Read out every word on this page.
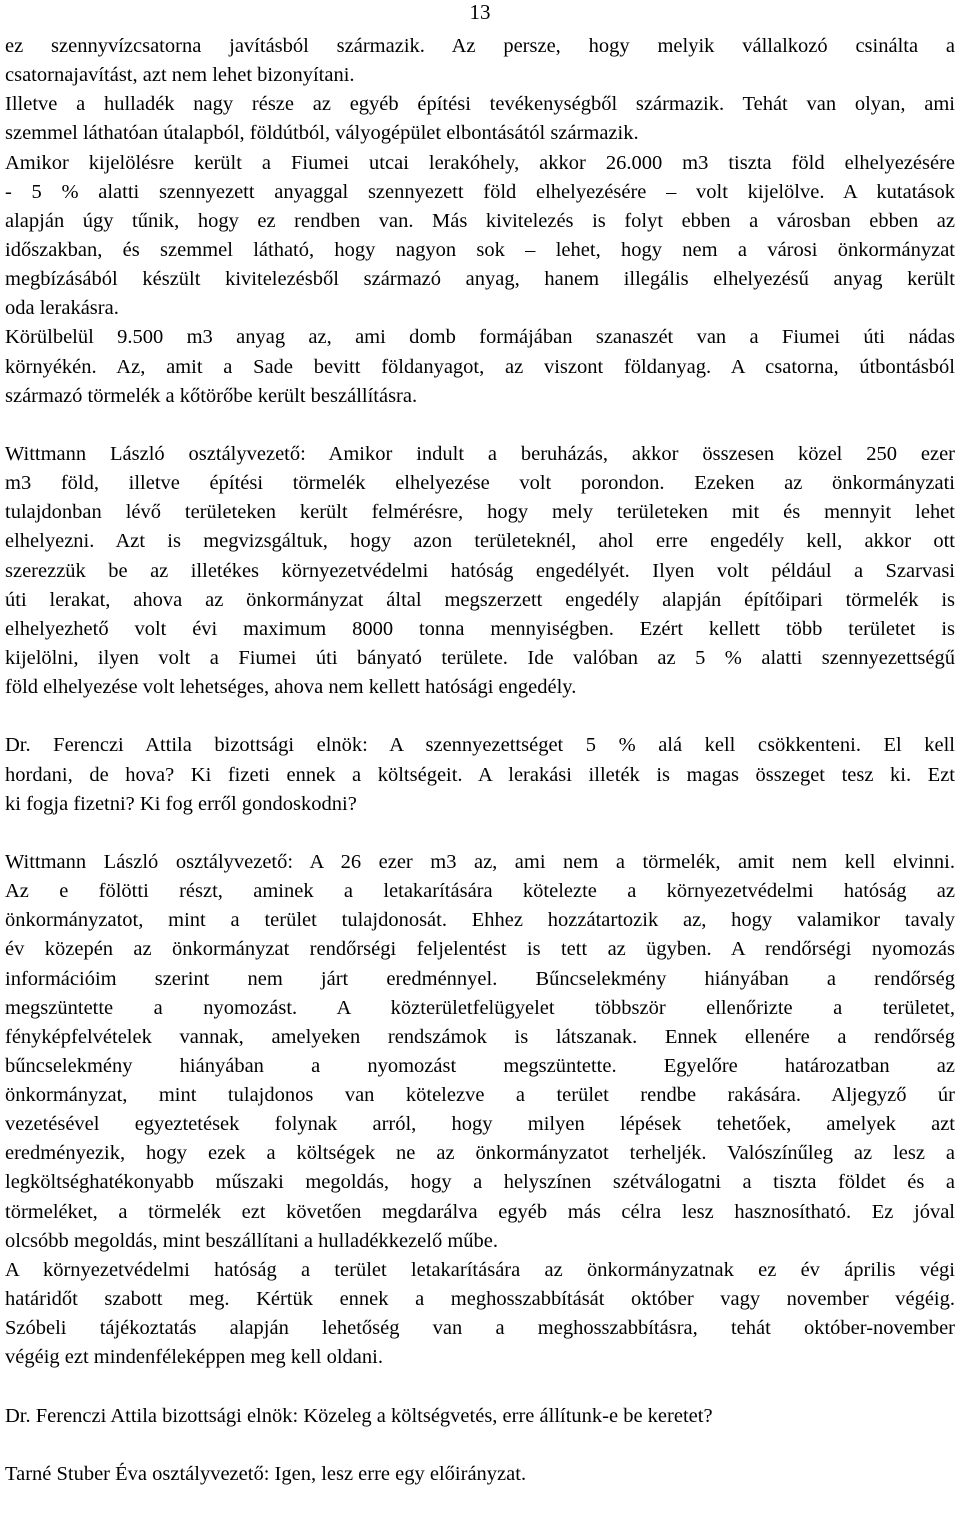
13
ez szennyvízcsatorna javításból származik. Az persze, hogy melyik vállalkozó csinálta a
csatornajavítást, azt nem lehet bizonyítani.
Illetve a hulladék nagy része az egyéb építési tevékenységből származik. Tehát van olyan, ami
szemmel láthatóan útalapból, földútból, vályogépület elbontásától származik.
Amikor kijelölésre került a Fiumei utcai lerakóhely, akkor 26.000 m3 tiszta föld elhelyezésére
- 5 % alatti szennyezett anyaggal szennyezett föld elhelyezésére – volt kijelölve. A kutatások
alapján úgy tűnik, hogy ez rendben van. Más kivitelezés is folyt ebben a városban ebben az
időszakban, és szemmel látható, hogy nagyon sok – lehet, hogy nem a városi önkormányzat
megbízásából készült kivitelezésből származó anyag, hanem illegális elhelyezésű anyag került
oda lerakásra.
Körülbelül 9.500 m3 anyag az, ami domb formájában szanaszét van a Fiumei úti nádas
környékén. Az, amit a Sade bevitt földanyagot, az viszont földanyag. A csatorna, útbontásból
származó törmelék a kőtörőbe került beszállításra.
Wittmann László osztályvezető: Amikor indult a beruházás, akkor összesen közel 250 ezer
m3 föld, illetve építési törmelék elhelyezése volt porondon. Ezeken az önkormányzati
tulajdonban lévő területeken került felmérésre, hogy mely területeken mit és mennyit lehet
elhelyezni. Azt is megvizsgáltuk, hogy azon területeknél, ahol erre engedély kell, akkor ott
szerezzük be az illetékes környezetvédelmi hatóság engedélyét. Ilyen volt például a Szarvasi
úti lerakat, ahova az önkormányzat által megszerzett engedély alapján építőipari törmelék is
elhelyezhető volt évi maximum 8000 tonna mennyiségben. Ezért kellett több területet is
kijelölni, ilyen volt a Fiumei úti bányató területe. Ide valóban az 5 % alatti szennyezettségű
föld elhelyezése volt lehetséges, ahova nem kellett hatósági engedély.
Dr. Ferenczi Attila bizottsági elnök: A szennyezettséget 5 % alá kell csökkenteni. El kell
hordani, de hova? Ki fizeti ennek a költségeit. A lerakási illeték is magas összeget tesz ki. Ezt
ki fogja fizetni? Ki fog erről gondoskodni?
Wittmann László osztályvezető: A 26 ezer m3 az, ami nem a törmelék, amit nem kell elvinni.
Az e fölötti részt, aminek a letakarítására kötelezte a környezetvédelmi hatóság az
önkormányzatot, mint a terület tulajdonosát. Ehhez hozzátartozik az, hogy valamikor tavaly
év közepén az önkormányzat rendőrségi feljelentést is tett az ügyben. A rendőrségi nyomozás
információim szerint nem járt eredménnyel. Bűncselekmény hiányában a rendőrség
megszüntette a nyomozást. A közterületfelügyelet többször ellenőrizte a területet,
fényképfelvételek vannak, amelyeken rendszámok is látszanak. Ennek ellenére a rendőrség
bűncselekmény hiányában a nyomozást megszüntette. Egyelőre határozatban az
önkormányzat, mint tulajdonos van kötelezve a terület rendbe rakására. Aljegyző úr
vezetésével egyeztetések folynak arról, hogy milyen lépések tehetőek, amelyek azt
eredményezik, hogy ezek a költségek ne az önkormányzatot terheljék. Valószínűleg az lesz a
legköltséghatékonyabb műszaki megoldás, hogy a helyszínen szétválogatni a tiszta földet és a
törmeléket, a törmelék ezt követően megdarálva egyéb más célra lesz hasznosítható. Ez jóval
olcsóbb megoldás, mint beszállítani a hulladékkezelő műbe.
A környezetvédelmi hatóság a terület letakarítására az önkormányzatnak ez év április végi
határidőt szabott meg. Kértük ennek a meghosszabbítását október vagy november végéig.
Szóbeli tájékoztatás alapján lehetőség van a meghosszabbításra, tehát október-november
végéig ezt mindenféleképpen meg kell oldani.
Dr. Ferenczi Attila bizottsági elnök: Közeleg a költségvetés, erre állítunk-e be keretet?
Tarné Stuber Éva osztályvezető: Igen, lesz erre egy előirányzat.
